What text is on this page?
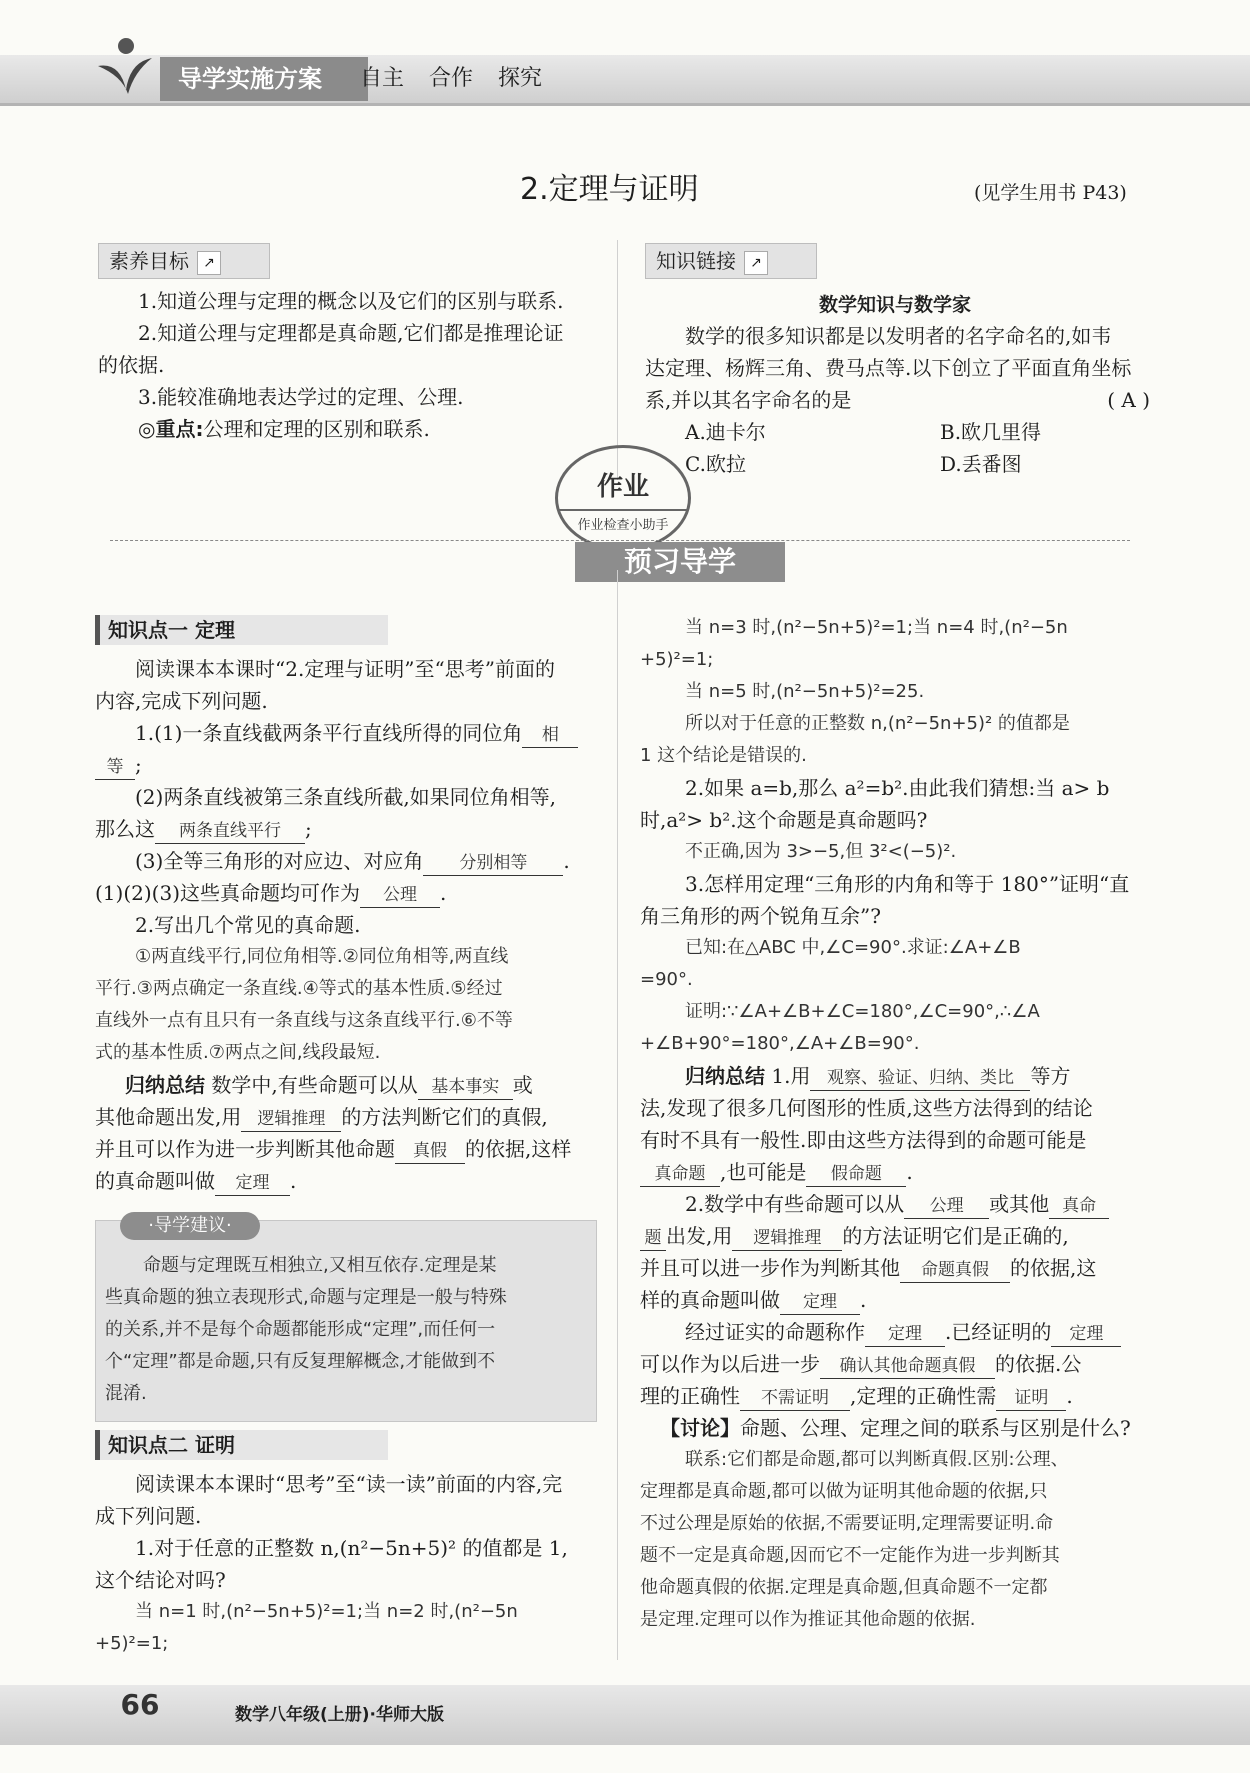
导学实施方案	自主 合作 探究
2.定理与证明	(见学生用书 P43)
素养目标 ↗
1.知道公理与定理的概念以及它们的区别与联系.
2.知道公理与定理都是真命题,它们都是推理论证
的依据.
3.能较准确地表达学过的定理、公理.
◎重点:公理和定理的区别和联系.
知识链接 ↗
数学知识与数学家
数学的很多知识都是以发明者的名字命名的,如韦
达定理、杨辉三角、费马点等.以下创立了平面直角坐标
系,并以其名字命名的是	( A )
A.迪卡尔	B.欧几里得
C.欧拉	D.丢番图
作业
作业检查小助手
预习导学
知识点一 定理
阅读课本本课时“2.定理与证明”至“思考”前面的
内容,完成下列问题.
1.(1)一条直线截两条平行直线所得的同位角 相
等 ;
(2)两条直线被第三条直线所截,如果同位角相等,
那么这 两条直线平行 ;
(3)全等三角形的对应边、对应角 分别相等 .
(1)(2)(3)这些真命题均可作为 公理 .
2.写出几个常见的真命题.
①两直线平行,同位角相等.②同位角相等,两直线
平行.③两点确定一条直线.④等式的基本性质.⑤经过
直线外一点有且只有一条直线与这条直线平行.⑥不等
式的基本性质.⑦两点之间,线段最短.
归纳总结 数学中,有些命题可以从 基本事实 或
其他命题出发,用 逻辑推理 的方法判断它们的真假,
并且可以作为进一步判断其他命题 真假 的依据,这样
的真命题叫做 定理 .
·导学建议·
命题与定理既互相独立,又相互依存.定理是某
些真命题的独立表现形式,命题与定理是一般与特殊
的关系,并不是每个命题都能形成“定理”,而任何一
个“定理”都是命题,只有反复理解概念,才能做到不
混淆.
知识点二 证明
阅读课本本课时“思考”至“读一读”前面的内容,完
成下列问题.
1.对于任意的正整数 n,(n²−5n+5)² 的值都是 1,
这个结论对吗?
当 n=1 时,(n²−5n+5)²=1;当 n=2 时,(n²−5n
+5)²=1;
当 n=3 时,(n²−5n+5)²=1;当 n=4 时,(n²−5n
+5)²=1;
当 n=5 时,(n²−5n+5)²=25.
所以对于任意的正整数 n,(n²−5n+5)² 的值都是
1 这个结论是错误的.
2.如果 a=b,那么 a²=b².由此我们猜想:当 a> b
时,a²> b².这个命题是真命题吗?
不正确,因为 3>−5,但 3²<(−5)².
3.怎样用定理“三角形的内角和等于 180°”证明“直
角三角形的两个锐角互余”?
已知:在△ABC 中,∠C=90°.求证:∠A+∠B
=90°.
证明:∵∠A+∠B+∠C=180°,∠C=90°,∴∠A
+∠B+90°=180°,∠A+∠B=90°.
归纳总结 1.用 观察、验证、归纳、类比 等方
法,发现了很多几何图形的性质,这些方法得到的结论
有时不具有一般性.即由这些方法得到的命题可能是
真命题 ,也可能是 假命题 .
2.数学中有些命题可以从 公理 或其他 真命
题 出发,用 逻辑推理 的方法证明它们是正确的,
并且可以进一步作为判断其他 命题真假 的依据,这
样的真命题叫做 定理 .
经过证实的命题称作 定理 .已经证明的 定理
可以作为以后进一步 确认其他命题真假 的依据.公
理的正确性 不需证明 ,定理的正确性需 证明 .
【讨论】命题、公理、定理之间的联系与区别是什么?
联系:它们都是命题,都可以判断真假.区别:公理、
定理都是真命题,都可以做为证明其他命题的依据,只
不过公理是原始的依据,不需要证明,定理需要证明.命
题不一定是真命题,因而它不一定能作为进一步判断其
他命题真假的依据.定理是真命题,但真命题不一定都
是定理.定理可以作为推证其他命题的依据.
66	数学八年级(上册)·华师大版
